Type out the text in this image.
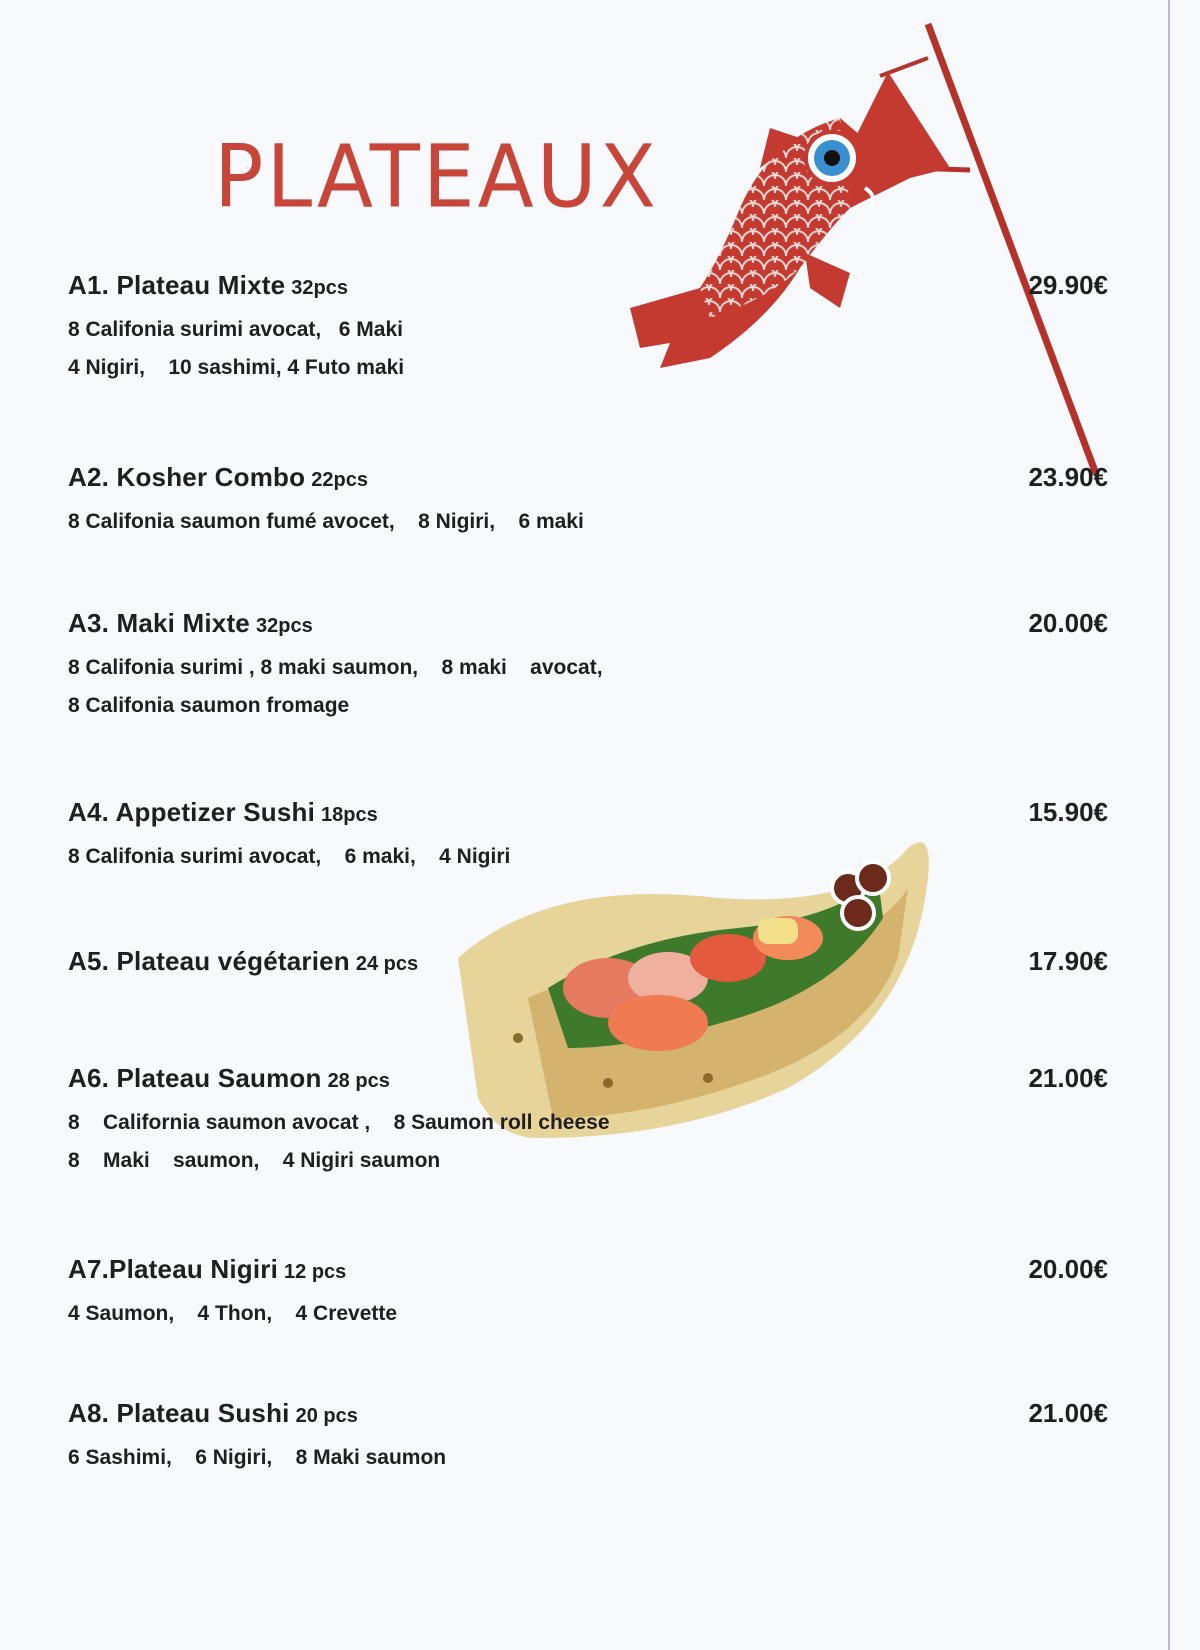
PLATEAUX
A1. Plateau Mixte 32pcs	29.90€
8 Califonia surimi avocat,   6 Maki
4 Nigiri,    10 sashimi, 4 Futo maki
A2. Kosher Combo 22pcs	23.90€
8 Califonia saumon fumé avocet,    8 Nigiri,    6 maki
A3. Maki Mixte 32pcs	20.00€
8 Califonia surimi , 8 maki saumon,    8 maki    avocat,
8 Califonia saumon fromage
A4. Appetizer Sushi 18pcs	15.90€
8 Califonia surimi avocat,    6 maki,    4 Nigiri
A5. Plateau végétarien 24 pcs	17.90€
A6. Plateau Saumon 28 pcs	21.00€
8    California saumon avocat ,    8 Saumon roll cheese
8    Maki    saumon,    4 Nigiri saumon
A7.Plateau Nigiri 12 pcs	20.00€
4 Saumon,    4 Thon,    4 Crevette
A8. Plateau Sushi 20 pcs	21.00€
6 Sashimi,    6 Nigiri,    8 Maki saumon
